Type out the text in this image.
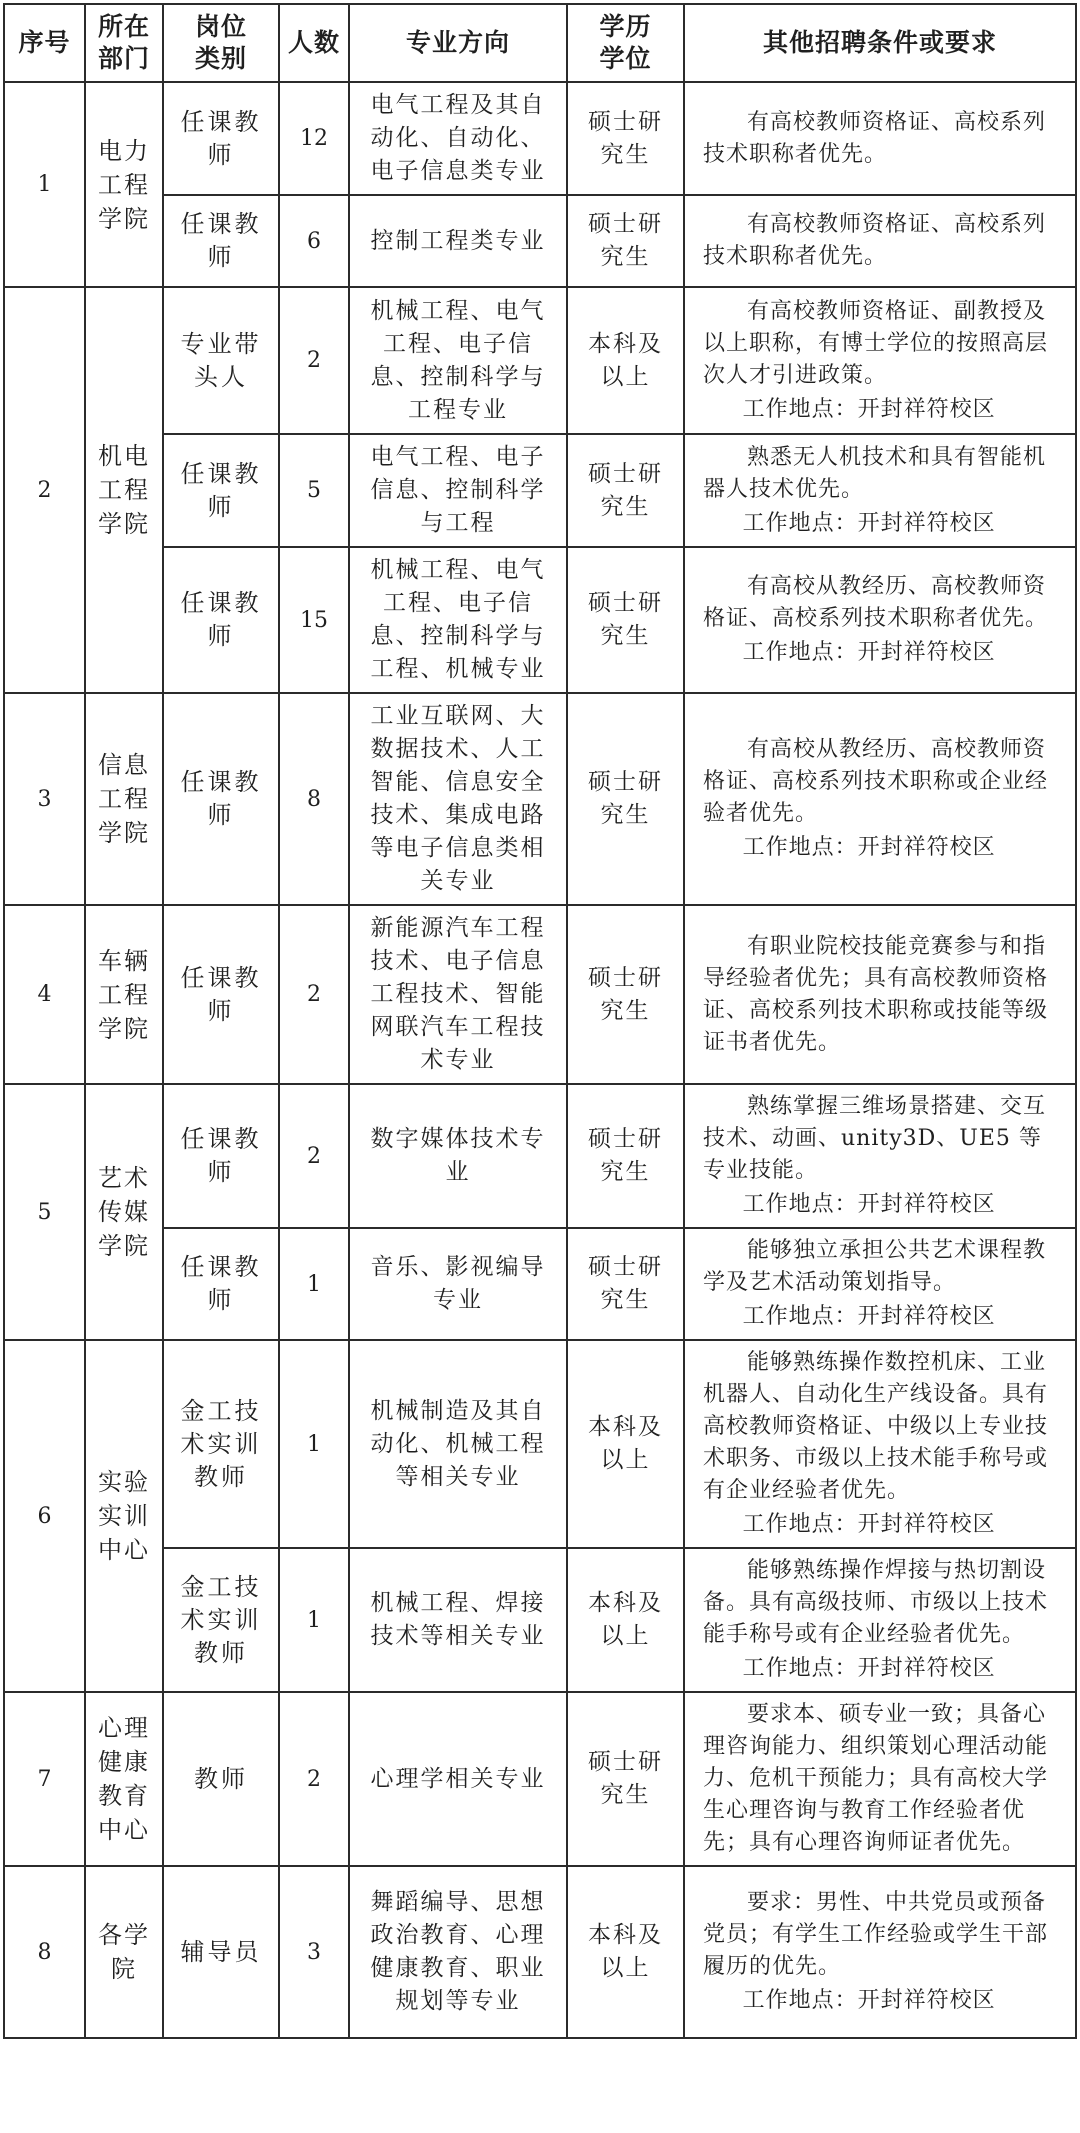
序号	所在部门	岗位类别	人数	专业方向	学历学位	其他招聘条件或要求
1	电力工程学院	任课教师	12	电气工程及其自动化、自动化、电子信息类专业	硕士研究生	有高校教师资格证、高校系列技术职称者优先。

		任课教师	6	控制工程类专业	硕士研究生	有高校教师资格证、高校系列技术职称者优先。

2	机电工程学院	专业带头人	2	机械工程、电气工程、电子信息、控制科学与工程专业	本科及以上	有高校教师资格证、副教授及以上职称，有博士学位的按照高层次人才引进政策。
工作地点：开封祥符校区

		任课教师	5	电气工程、电子信息、控制科学与工程	硕士研究生	熟悉无人机技术和具有智能机器人技术优先。
工作地点：开封祥符校区

		任课教师	15	机械工程、电气工程、电子信息、控制科学与工程、机械专业	硕士研究生	有高校从教经历、高校教师资格证、高校系列技术职称者优先。
工作地点：开封祥符校区

3	信息工程学院	任课教师	8	工业互联网、大数据技术、人工智能、信息安全技术、集成电路等电子信息类相关专业	硕士研究生	有高校从教经历、高校教师资格证、高校系列技术职称或企业经验者优先。
工作地点：开封祥符校区

4	车辆工程学院	任课教师	2	新能源汽车工程技术、电子信息工程技术、智能网联汽车工程技术专业	硕士研究生	有职业院校技能竞赛参与和指导经验者优先；具有高校教师资格证、高校系列技术职称或技能等级证书者优先。

5	艺术传媒学院	任课教师	2	数字媒体技术专业	硕士研究生	熟练掌握三维场景搭建、交互技术、动画、unity3D、UE5 等专业技能。
工作地点：开封祥符校区

		任课教师	1	音乐、影视编导专业	硕士研究生	能够独立承担公共艺术课程教学及艺术活动策划指导。
工作地点：开封祥符校区

6	实验实训中心	金工技术实训教师	1	机械制造及其自动化、机械工程等相关专业	本科及以上	能够熟练操作数控机床、工业机器人、自动化生产线设备。具有高校教师资格证、中级以上专业技术职务、市级以上技术能手称号或有企业经验者优先。
工作地点：开封祥符校区

		金工技术实训教师	1	机械工程、焊接技术等相关专业	本科及以上	能够熟练操作焊接与热切割设备。具有高级技师、市级以上技术能手称号或有企业经验者优先。
工作地点：开封祥符校区

7	心理健康教育中心	教师	2	心理学相关专业	硕士研究生	要求本、硕专业一致；具备心理咨询能力、组织策划心理活动能力、危机干预能力；具有高校大学生心理咨询与教育工作经验者优先；具有心理咨询师证者优先。

8	各学院	辅导员	3	舞蹈编导、思想政治教育、心理健康教育、职业规划等专业	本科及以上	要求：男性、中共党员或预备党员；有学生工作经验或学生干部履历的优先。
工作地点：开封祥符校区
